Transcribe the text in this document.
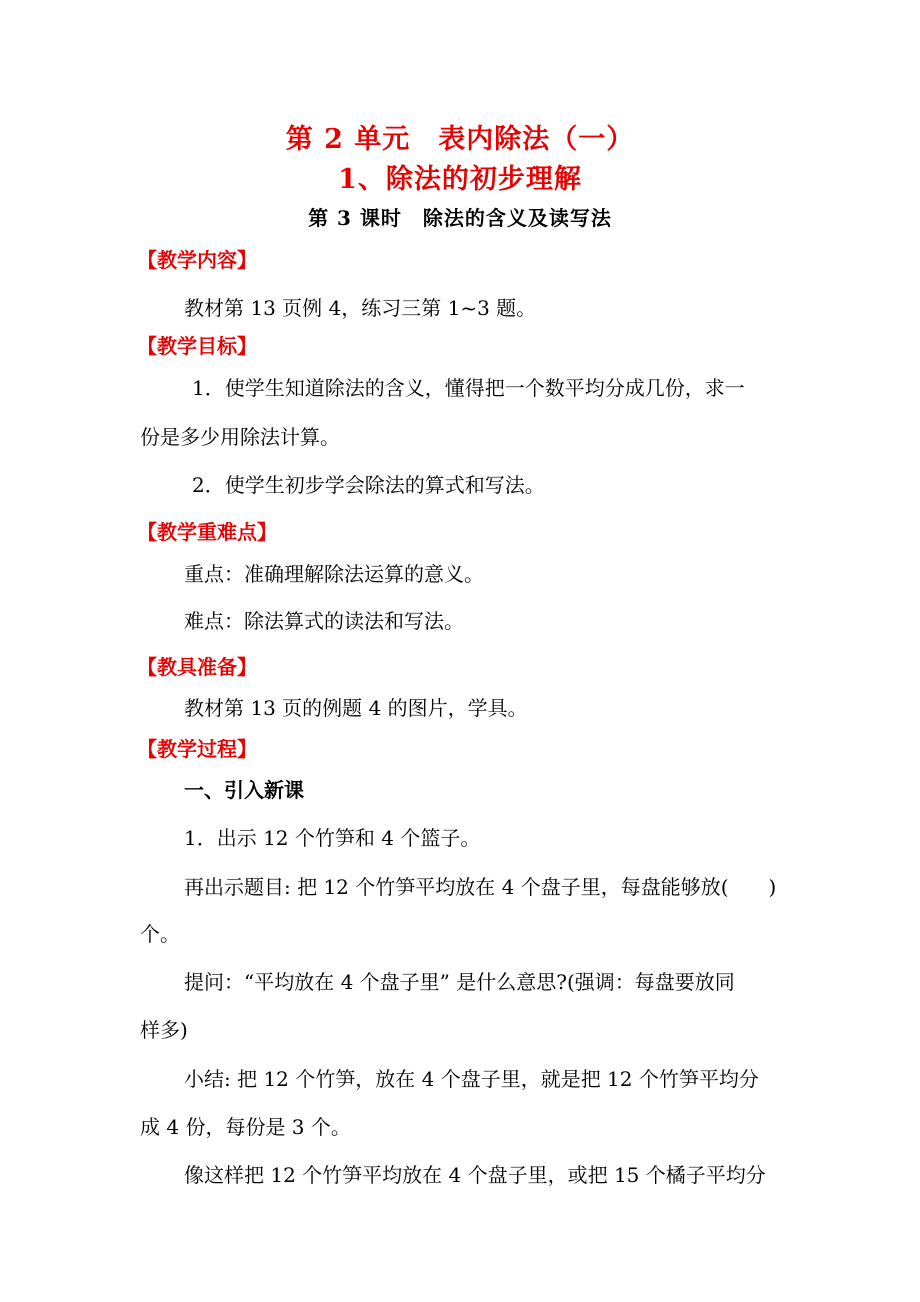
第 2 单元　表内除法（一）
1、除法的初步理解
第 3 课时　除法的含义及读写法
【教学内容】
教材第 13 页例 4，练习三第 1~3 题。
【教学目标】
1．使学生知道除法的含义，懂得把一个数平均分成几份，求一
份是多少用除法计算。
2．使学生初步学会除法的算式和写法。
【教学重难点】
重点：准确理解除法运算的意义。
难点：除法算式的读法和写法。
【教具准备】
教材第 13 页的例题 4 的图片，学具。
【教学过程】
一、引入新课
1．出示 12 个竹笋和 4 个篮子。
再出示题目: 把 12 个竹笋平均放在 4 个盘子里，每盘能够放(　　)
个。
提问：“平均放在 4 个盘子里” 是什么意思?(强调：每盘要放同
样多)
小结: 把 12 个竹笋，放在 4 个盘子里，就是把 12 个竹笋平均分
成 4 份，每份是 3 个。
像这样把 12 个竹笋平均放在 4 个盘子里，或把 15 个橘子平均分
